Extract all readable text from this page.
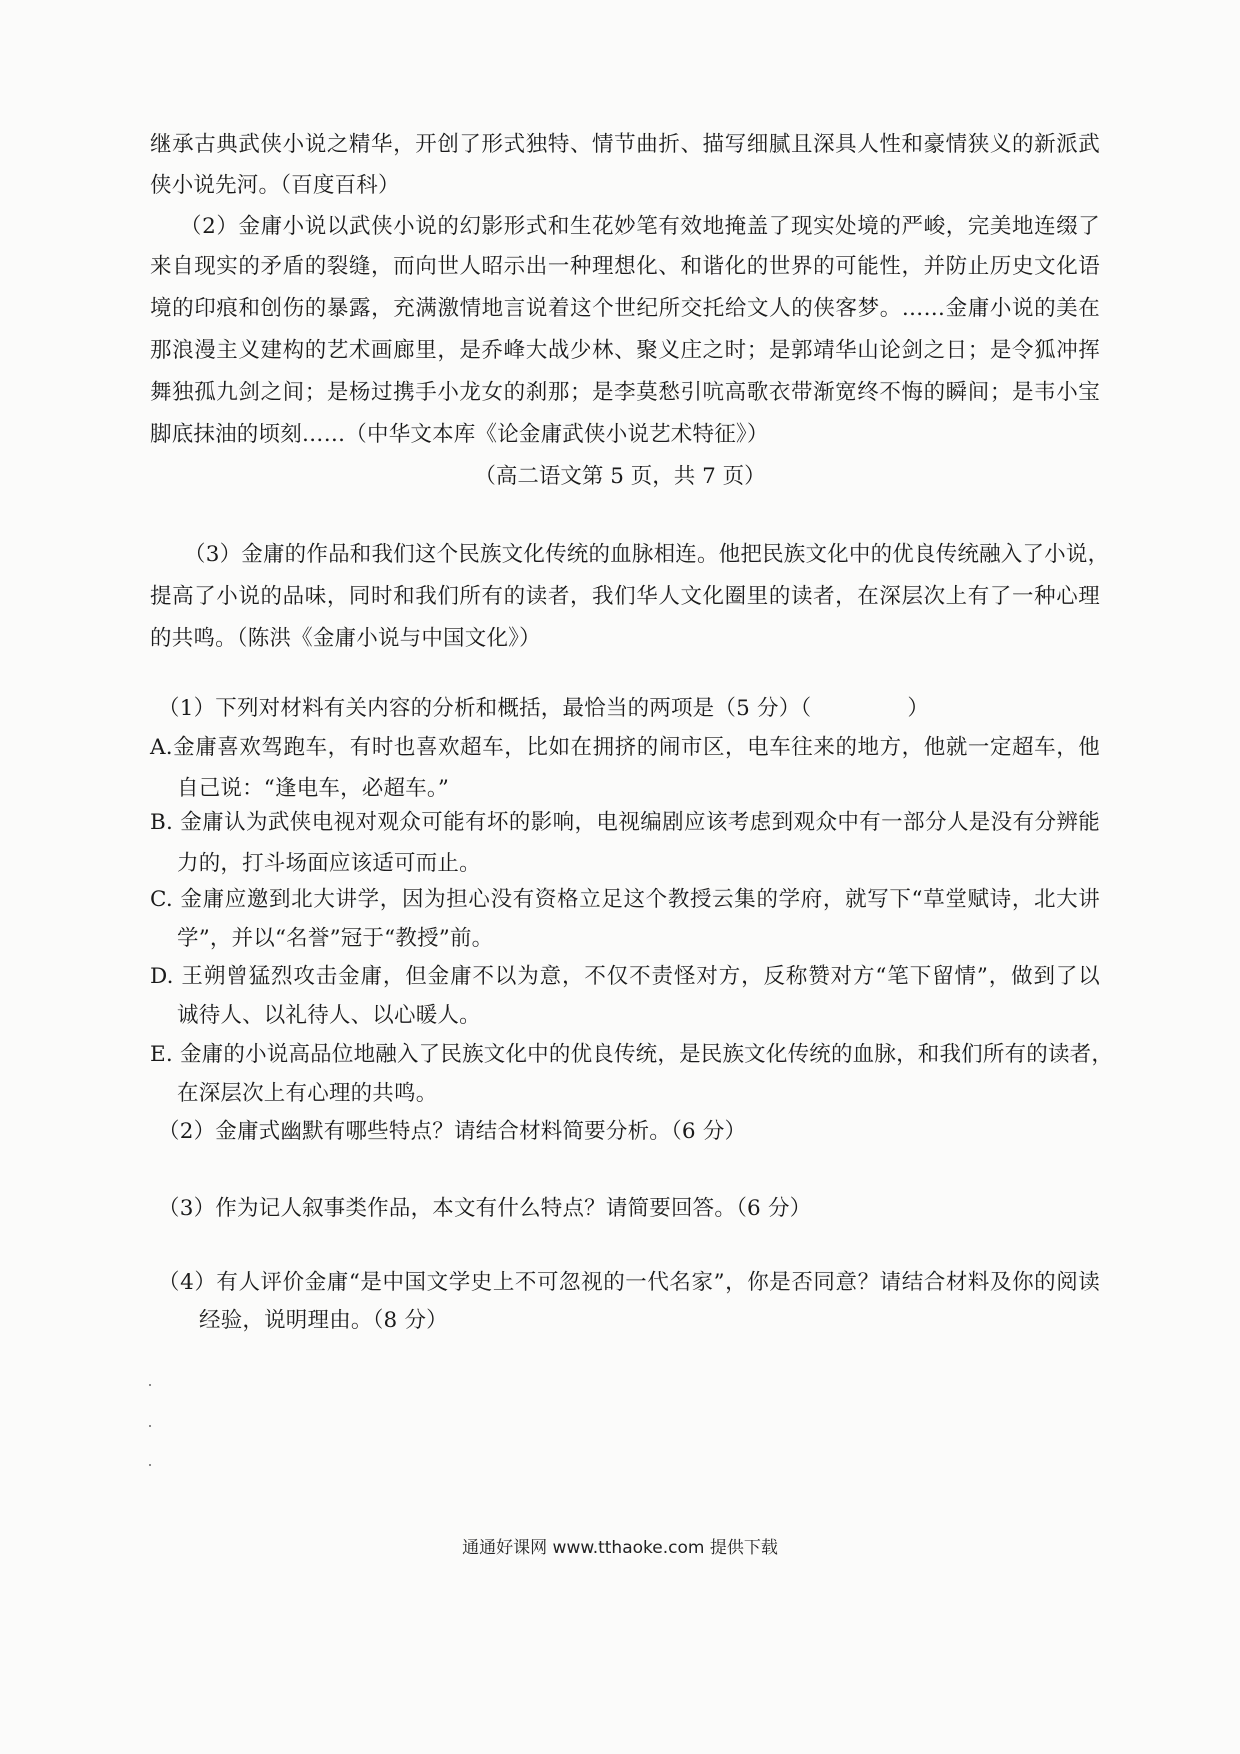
继承古典武侠小说之精华，开创了形式独特、情节曲折、描写细腻且深具人性和豪情狭义的新派武
侠小说先河。（百度百科）
（2）金庸小说以武侠小说的幻影形式和生花妙笔有效地掩盖了现实处境的严峻，完美地连缀了
来自现实的矛盾的裂缝，而向世人昭示出一种理想化、和谐化的世界的可能性，并防止历史文化语
境的印痕和创伤的暴露，充满激情地言说着这个世纪所交托给文人的侠客梦。……金庸小说的美在
那浪漫主义建构的艺术画廊里，是乔峰大战少林、聚义庄之时；是郭靖华山论剑之日；是令狐冲挥
舞独孤九剑之间；是杨过携手小龙女的刹那；是李莫愁引吭高歌衣带渐宽终不悔的瞬间；是韦小宝
脚底抹油的顷刻……（中华文本库《论金庸武侠小说艺术特征》）
（高二语文第 5 页，共 7 页）
（3）金庸的作品和我们这个民族文化传统的血脉相连。他把民族文化中的优良传统融入了小说，
提高了小说的品味，同时和我们所有的读者，我们华人文化圈里的读者，在深层次上有了一种心理
的共鸣。（陈洪《金庸小说与中国文化》）
（1）下列对材料有关内容的分析和概括，最恰当的两项是（5 分）（	）
A.金庸喜欢驾跑车，有时也喜欢超车，比如在拥挤的闹市区，电车往来的地方，他就一定超车，他
自己说：“逢电车，必超车。”
B. 金庸认为武侠电视对观众可能有坏的影响，电视编剧应该考虑到观众中有一部分人是没有分辨能
力的，打斗场面应该适可而止。
C. 金庸应邀到北大讲学，因为担心没有资格立足这个教授云集的学府，就写下“草堂赋诗，北大讲
学”，并以“名誉”冠于“教授”前。
D. 王朔曾猛烈攻击金庸，但金庸不以为意，不仅不责怪对方，反称赞对方“笔下留情”，做到了以
诚待人、以礼待人、以心暖人。
E. 金庸的小说高品位地融入了民族文化中的优良传统，是民族文化传统的血脉，和我们所有的读者，
在深层次上有心理的共鸣。
（2）金庸式幽默有哪些特点？请结合材料简要分析。（6 分）
（3）作为记人叙事类作品，本文有什么特点？请简要回答。（6 分）
（4）有人评价金庸“是中国文学史上不可忽视的一代名家”，你是否同意？请结合材料及你的阅读
经验，说明理由。（8 分）
通通好课网 www.tthaoke.com 提供下载
